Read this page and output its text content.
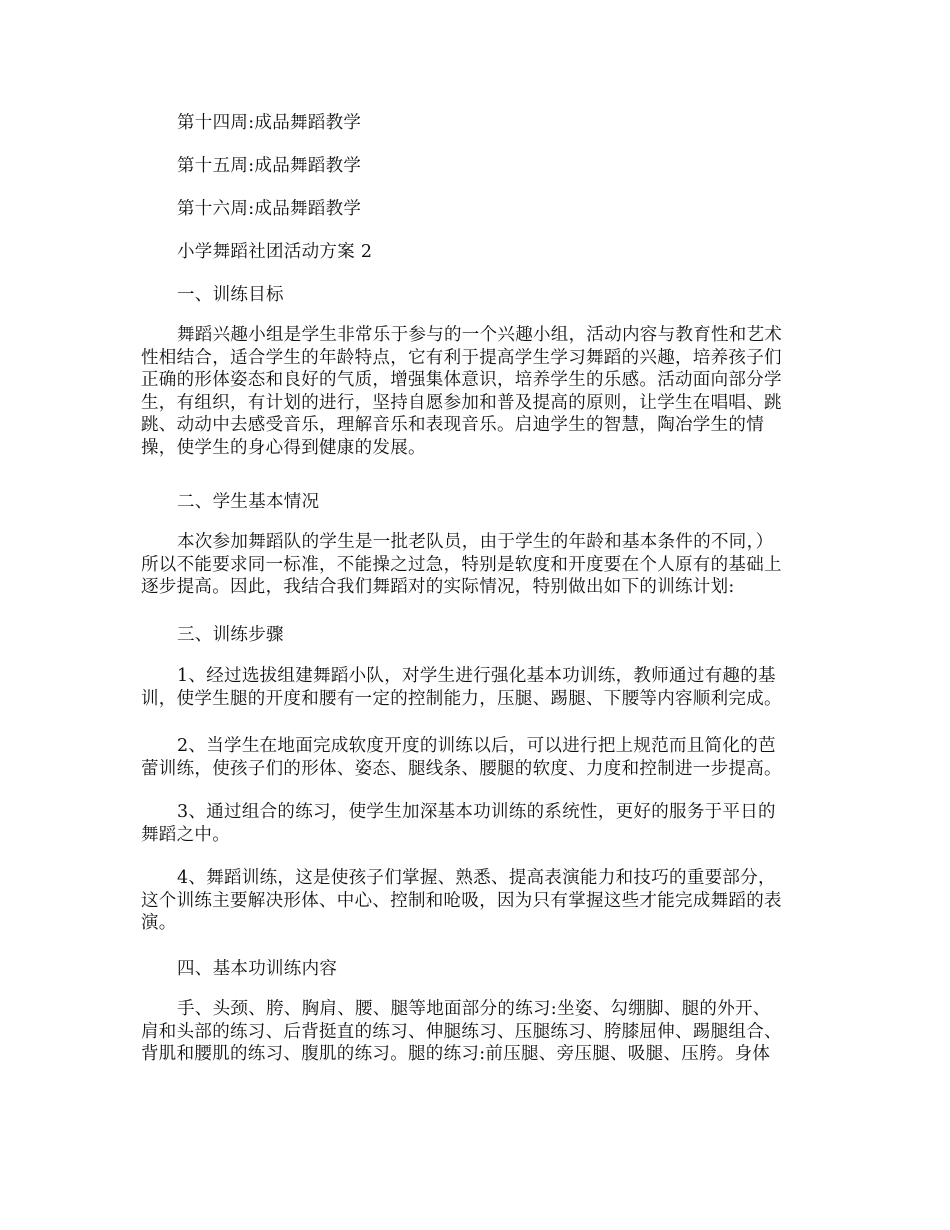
第十四周:成品舞蹈教学

第十五周:成品舞蹈教学

第十六周:成品舞蹈教学

小学舞蹈社团活动方案 2

一、训练目标

舞蹈兴趣小组是学生非常乐于参与的一个兴趣小组，活动内容与教育性和艺术
性相结合，适合学生的年龄特点，它有利于提高学生学习舞蹈的兴趣，培养孩子们
正确的形体姿态和良好的气质，增强集体意识，培养学生的乐感。活动面向部分学
生，有组织，有计划的进行，坚持自愿参加和普及提高的原则，让学生在唱唱、跳
跳、动动中去感受音乐，理解音乐和表现音乐。启迪学生的智慧，陶冶学生的情
操，使学生的身心得到健康的发展。

二、学生基本情况

本次参加舞蹈队的学生是一批老队员，由于学生的年龄和基本条件的不同，）
所以不能要求同一标准，不能操之过急，特别是软度和开度要在个人原有的基础上
逐步提高。因此，我结合我们舞蹈对的实际情况，特别做出如下的训练计划:

三、训练步骤

1、经过选拔组建舞蹈小队，对学生进行强化基本功训练，教师通过有趣的基
训，使学生腿的开度和腰有一定的控制能力，压腿、踢腿、下腰等内容顺利完成。
2、当学生在地面完成软度开度的训练以后，可以进行把上规范而且简化的芭
蕾训练，使孩子们的形体、姿态、腿线条、腰腿的软度、力度和控制进一步提高。
3、通过组合的练习，使学生加深基本功训练的系统性，更好的服务于平日的
舞蹈之中。
4、舞蹈训练，这是使孩子们掌握、熟悉、提高表演能力和技巧的重要部分，
这个训练主要解决形体、中心、控制和呛吸，因为只有掌握这些才能完成舞蹈的表
演。

四、基本功训练内容

手、头颈、胯、胸肩、腰、腿等地面部分的练习:坐姿、勾绷脚、腿的外开、
肩和头部的练习、后背挺直的练习、伸腿练习、压腿练习、胯膝屈伸、踢腿组合、
背肌和腰肌的练习、腹肌的练习。腿的练习:前压腿、旁压腿、吸腿、压胯。身体
